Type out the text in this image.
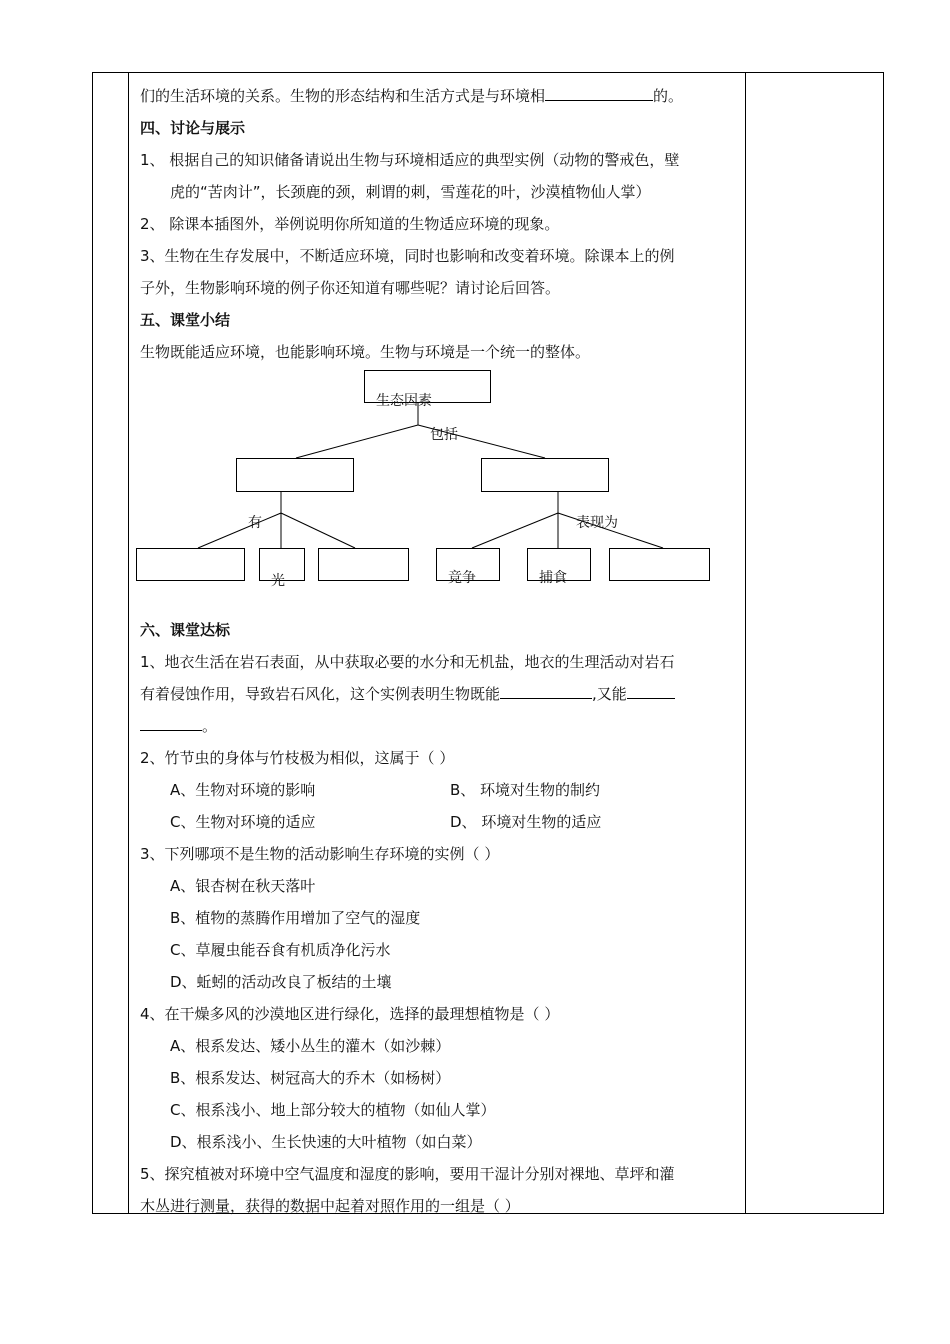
们的生活环境的关系。生物的形态结构和生活方式是与环境相	的。
四、讨论与展示
1、 根据自己的知识储备请说出生物与环境相适应的典型实例（动物的警戒色，壁
虎的“苦肉计”，长颈鹿的颈，刺谓的刺，雪莲花的叶，沙漠植物仙人掌）
2、 除课本插图外，举例说明你所知道的生物适应环境的现象。
3、生物在生存发展中，不断适应环境，同时也影响和改变着环境。除课本上的例
子外，生物影响环境的例子你还知道有哪些呢？请讨论后回答。
五、课堂小结
生物既能适应环境，也能影响环境。生物与环境是一个统一的整体。
生态因素
包括
有	表现为
光	竞争	捕食
六、课堂达标
1、地衣生活在岩石表面，从中获取必要的水分和无机盐，地衣的生理活动对岩石
有着侵蚀作用，导致岩石风化，这个实例表明生物既能	,又能
。
2、竹节虫的身体与竹枝极为相似，这属于（ ）
A、生物对环境的影响	B、 环境对生物的制约
C、生物对环境的适应	D、 环境对生物的适应
3、下列哪项不是生物的活动影响生存环境的实例（ ）
A、银杏树在秋天落叶
B、植物的蒸腾作用增加了空气的湿度
C、草履虫能吞食有机质净化污水
D、蚯蚓的活动改良了板结的土壤
4、在干燥多风的沙漠地区进行绿化，选择的最理想植物是（ ）
A、根系发达、矮小丛生的灌木（如沙棘）
B、根系发达、树冠高大的乔木（如杨树）
C、根系浅小、地上部分较大的植物（如仙人掌）
D、根系浅小、生长快速的大叶植物（如白菜）
5、探究植被对环境中空气温度和湿度的影响，要用干湿计分别对裸地、草坪和灌
木丛进行测量，获得的数据中起着对照作用的一组是（ ）
